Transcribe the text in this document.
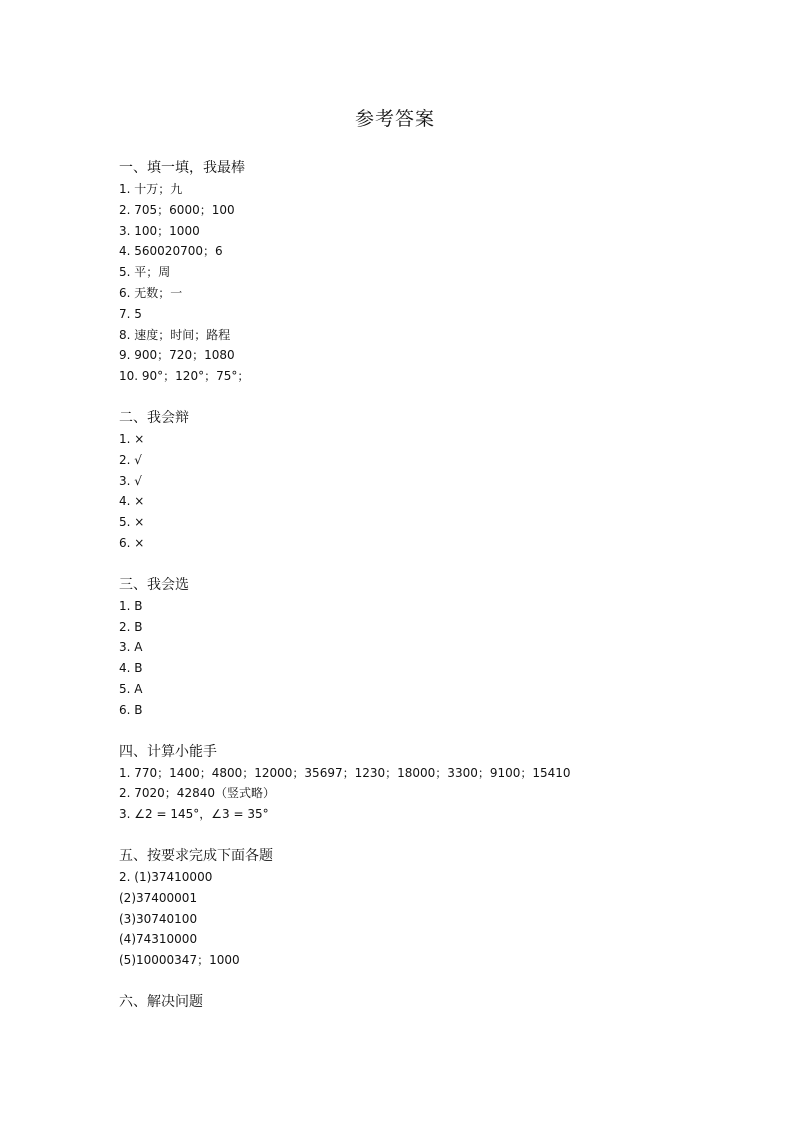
参考答案
一、填一填，我最棒
1. 十万；九
2. 705；6000；100
3. 100；1000
4. 560020700；6
5. 平；周
6. 无数；一
7. 5
8. 速度；时间；路程
9. 900；720；1080
10. 90°；120°；75°；
二、我会辩
1. ×
2. √
3. √
4. ×
5. ×
6. ×
三、我会选
1. B
2. B
3. A
4. B
5. A
6. B
四、计算小能手
1. 770；1400；4800；12000；35697；1230；18000；3300；9100；15410
2. 7020；42840（竖式略）
3. ∠2 = 145°，∠3 = 35°
五、按要求完成下面各题
2. (1)37410000
(2)37400001
(3)30740100
(4)74310000
(5)10000347；1000
六、解决问题
